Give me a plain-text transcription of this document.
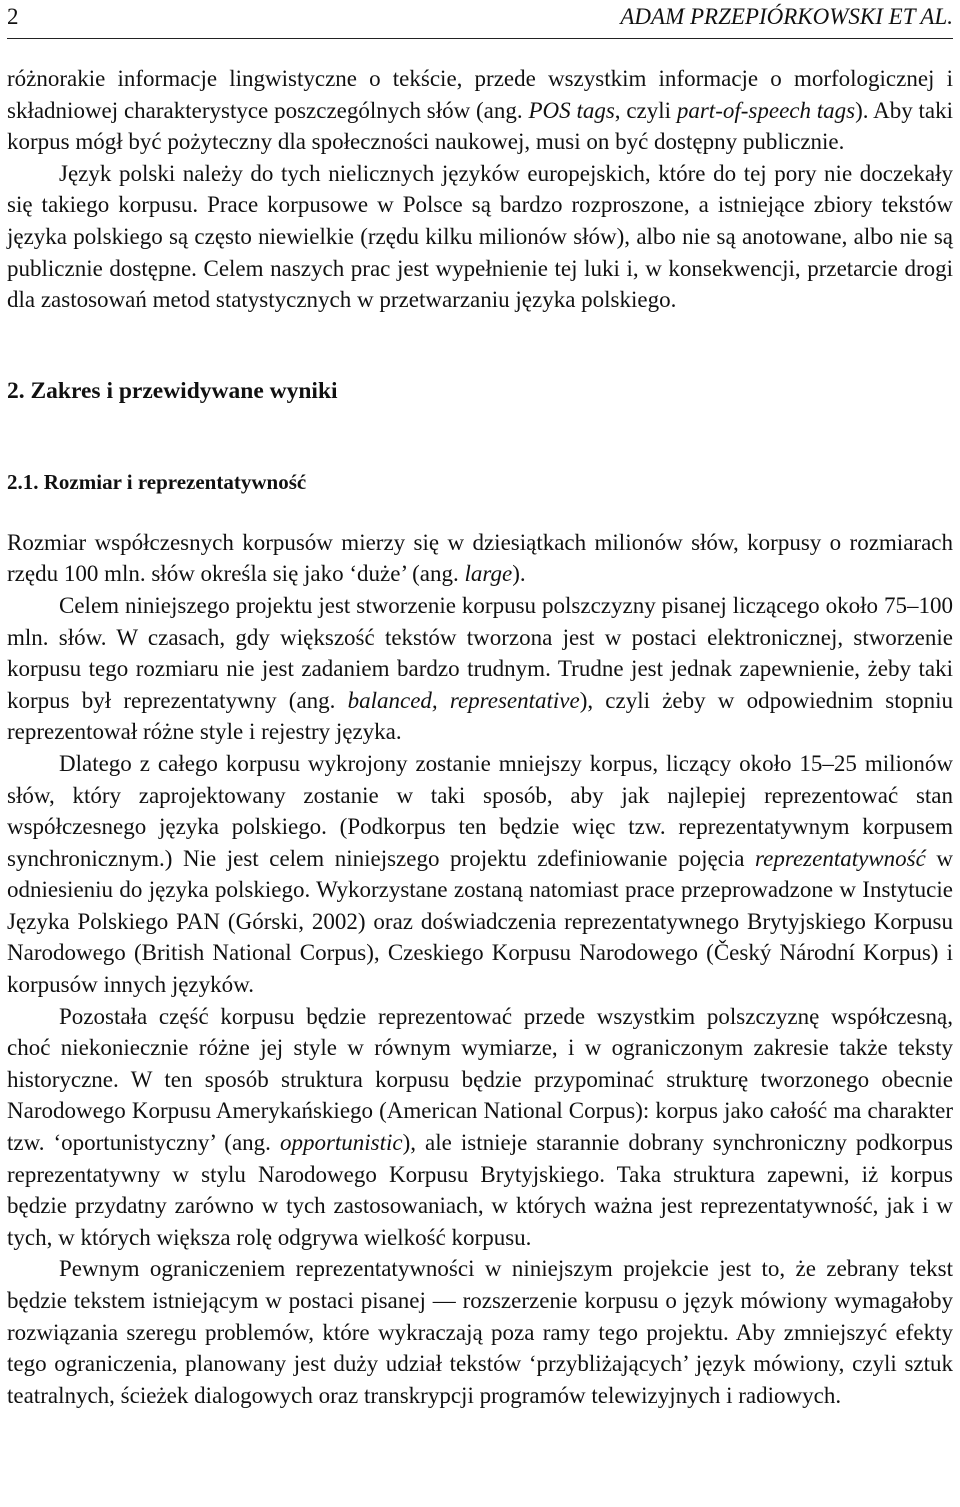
2	ADAM PRZEPIÓRKOWSKI ET AL.

różnorakie informacje lingwistyczne o tekście, przede wszystkim informacje o morfologicznej i składniowej charakterystyce poszczególnych słów (ang. POS tags, czyli part-of-speech tags). Aby taki korpus mógł być pożyteczny dla społeczności naukowej, musi on być dostępny publicznie.

Język polski należy do tych nielicznych języków europejskich, które do tej pory nie doczekały się takiego korpusu. Prace korpusowe w Polsce są bardzo rozproszone, a istniejące zbiory tekstów języka polskiego są często niewielkie (rzędu kilku milionów słów), albo nie są anotowane, albo nie są publicznie dostępne. Celem naszych prac jest wypełnienie tej luki i, w konsekwencji, przetarcie drogi dla zastosowań metod statystycznych w przetwarzaniu języka polskiego.

2. Zakres i przewidywane wyniki
2.1. Rozmiar i reprezentatywność

Rozmiar współczesnych korpusów mierzy się w dziesiątkach milionów słów, korpusy o rozmiarach rzędu 100 mln. słów określa się jako ‘duże’ (ang. large).

Celem niniejszego projektu jest stworzenie korpusu polszczyzny pisanej liczącego około 75–100 mln. słów. W czasach, gdy większość tekstów tworzona jest w postaci elektronicznej, stworzenie korpusu tego rozmiaru nie jest zadaniem bardzo trudnym. Trudne jest jednak zapewnienie, żeby taki korpus był reprezentatywny (ang. balanced, representative), czyli żeby w odpowiednim stopniu reprezentował różne style i rejestry języka.

Dlatego z całego korpusu wykrojony zostanie mniejszy korpus, liczący około 15–25 milionów słów, który zaprojektowany zostanie w taki sposób, aby jak najlepiej reprezentować stan współczesnego języka polskiego. (Podkorpus ten będzie więc tzw. reprezentatywnym korpusem synchronicznym.) Nie jest celem niniejszego projektu zdefiniowanie pojęcia reprezentatywność w odniesieniu do języka polskiego. Wykorzystane zostaną natomiast prace przeprowadzone w Instytucie Języka Polskiego PAN (Górski, 2002) oraz doświadczenia reprezentatywnego Brytyjskiego Korpusu Narodowego (British National Corpus), Czeskiego Korpusu Narodowego (Český Národní Korpus) i korpusów innych języków.

Pozostała część korpusu będzie reprezentować przede wszystkim polszczyznę współczesną, choć niekoniecznie różne jej style w równym wymiarze, i w ograniczonym zakresie także teksty historyczne. W ten sposób struktura korpusu będzie przypominać strukturę tworzonego obecnie Narodowego Korpusu Amerykańskiego (American National Corpus): korpus jako całość ma charakter tzw. ‘oportunistyczny’ (ang. opportunistic), ale istnieje starannie dobrany synchroniczny podkorpus reprezentatywny w stylu Narodowego Korpusu Brytyjskiego. Taka struktura zapewni, iż korpus będzie przydatny zarówno w tych zastosowaniach, w których ważna jest reprezentatywność, jak i w tych, w których większa rolę odgrywa wielkość korpusu.

Pewnym ograniczeniem reprezentatywności w niniejszym projekcie jest to, że zebrany tekst będzie tekstem istniejącym w postaci pisanej — rozszerzenie korpusu o język mówiony wymagałoby rozwiązania szeregu problemów, które wykraczają poza ramy tego projektu. Aby zmniejszyć efekty tego ograniczenia, planowany jest duży udział tekstów ‘przybliżających’ język mówiony, czyli sztuk teatralnych, ścieżek dialogowych oraz transkrypcji programów telewizyjnych i radiowych.
